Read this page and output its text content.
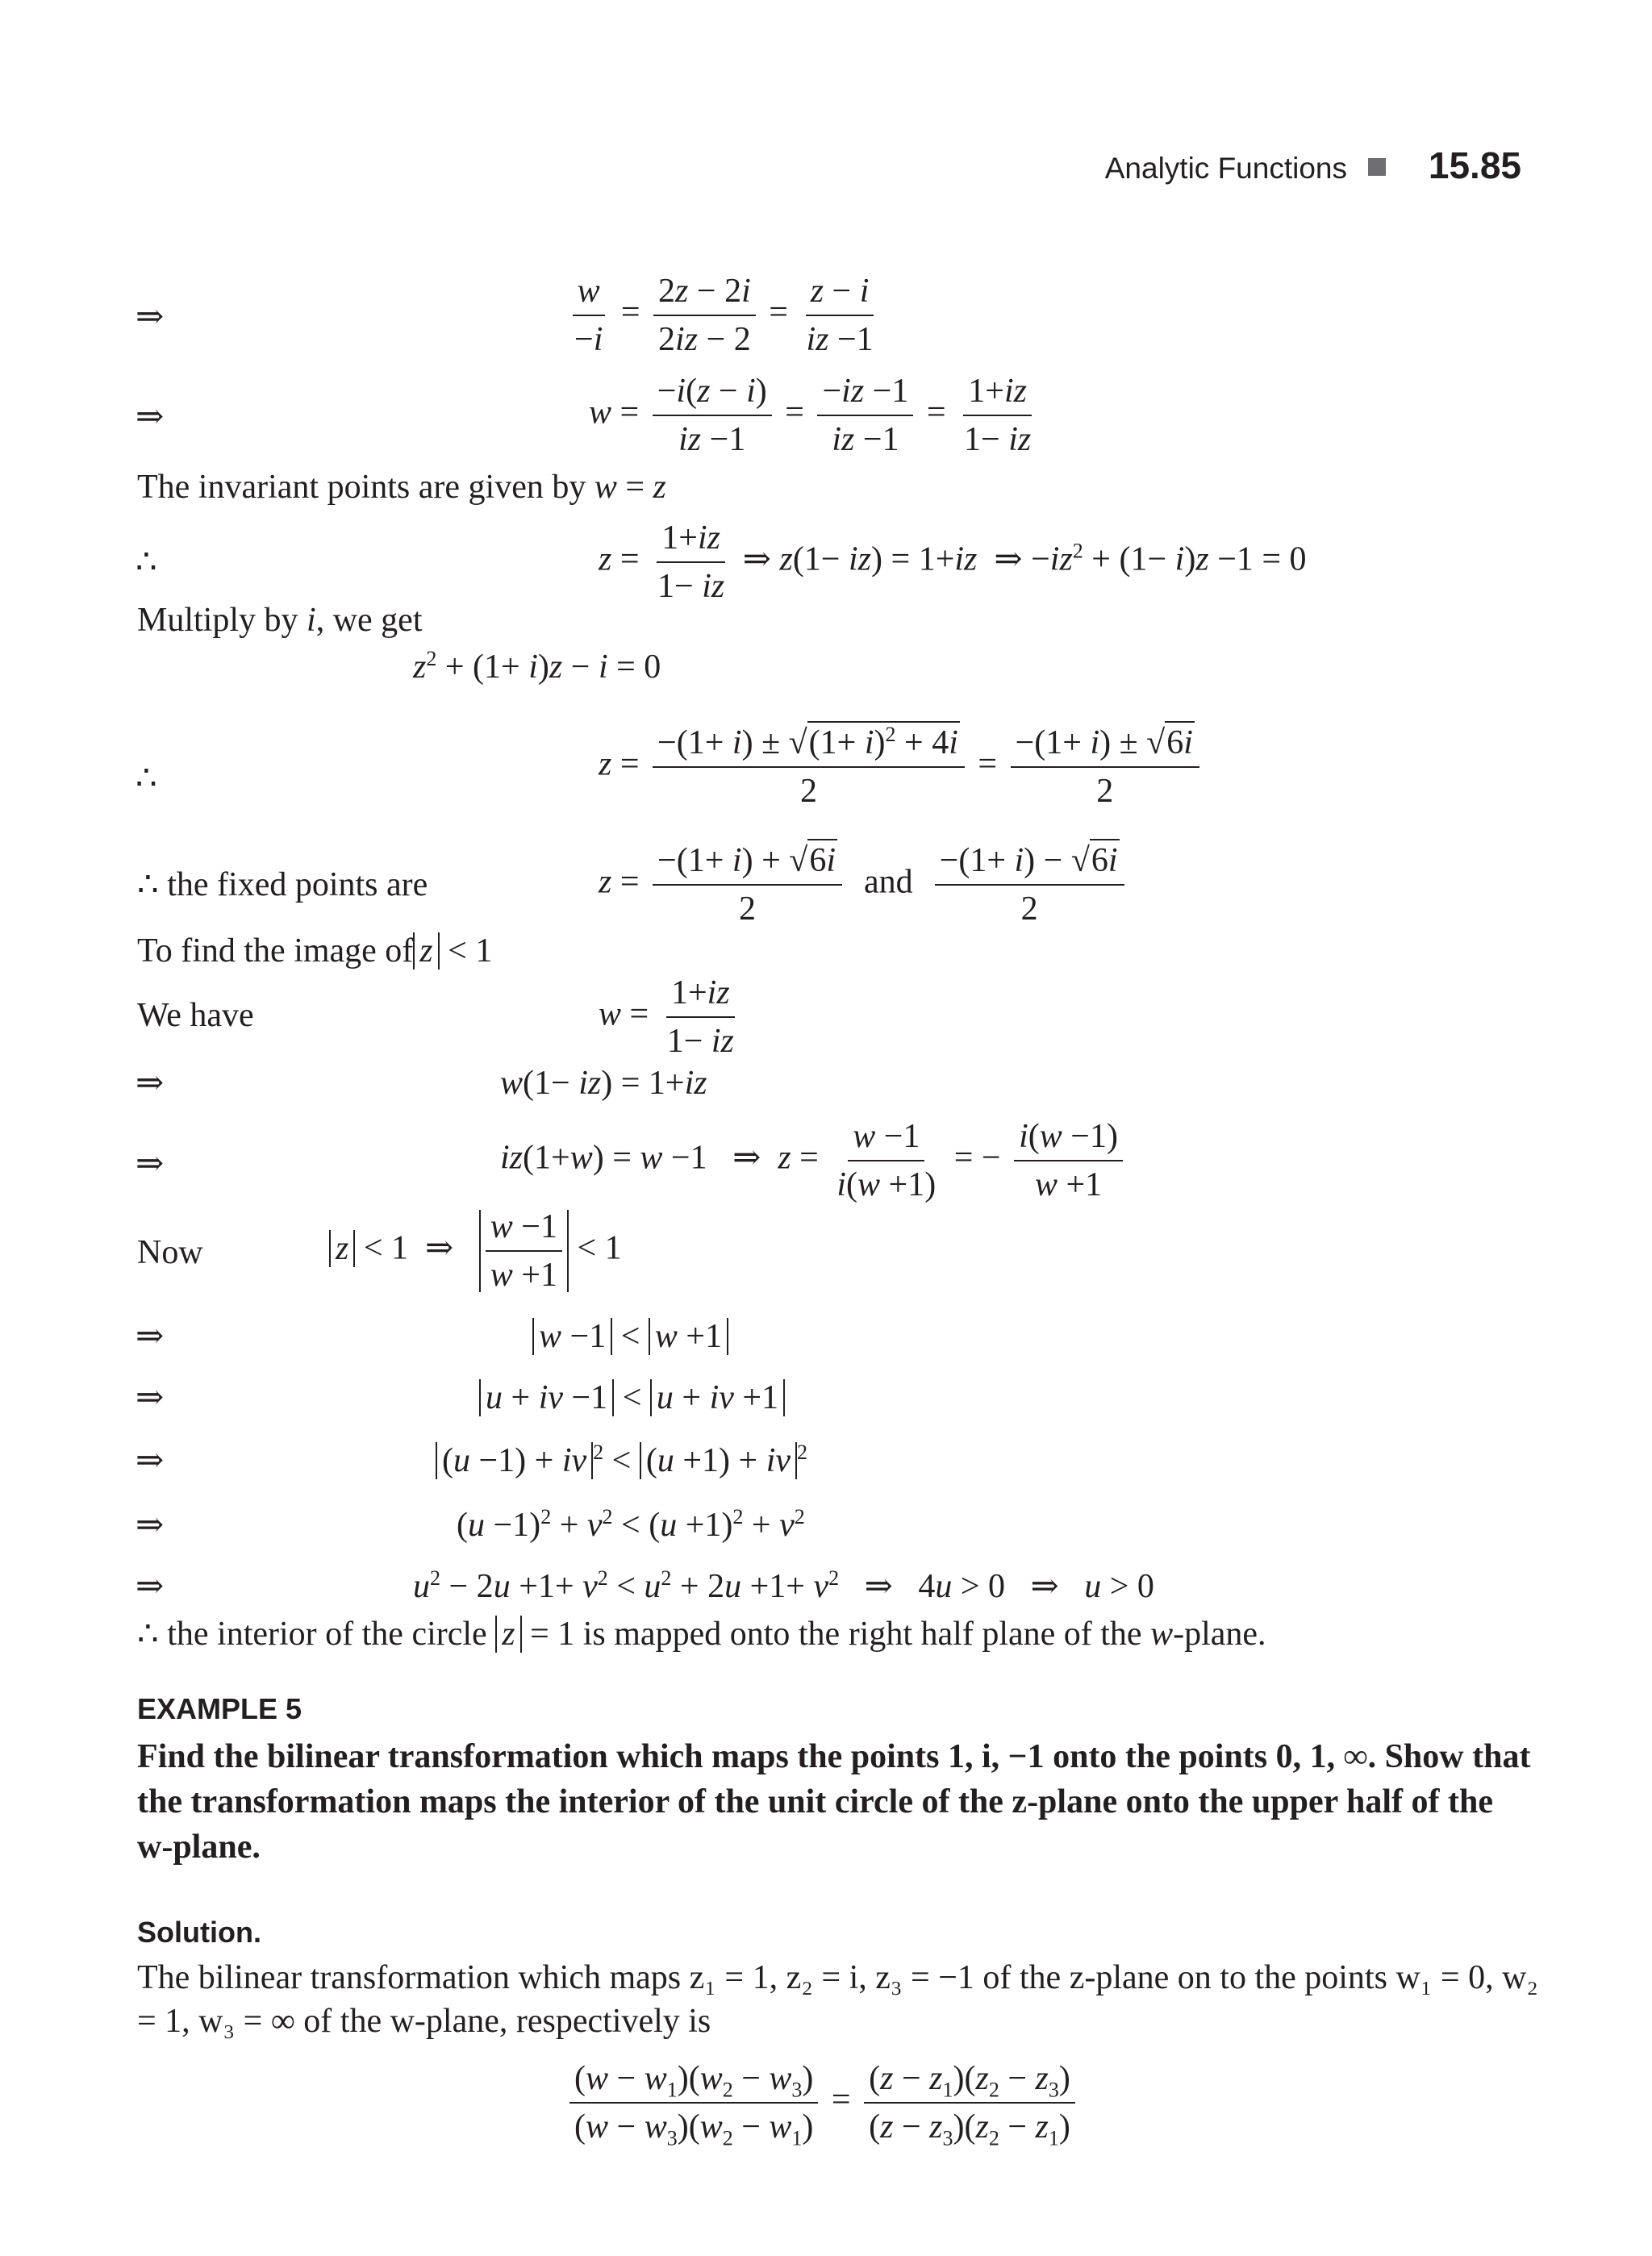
Analytic Functions 15.85
⇒	$\frac{w}{-i} = \frac{2z - 2i}{2iz - 2} = \frac{z - i}{iz -1}$
⇒	$w = \frac{-i(z - i)}{iz -1} = \frac{-iz -1}{iz -1} = \frac{1+iz}{1- iz}$
The invariant points are given by w = z
∴	$z = \frac{1+iz}{1- iz}$ ⇒ z(1− iz) = 1+iz  ⇒ $-iz^2 + (1- i)z -1 = 0$
Multiply by i, we get
$z^2 + (1+ i)z - i = 0$
∴	$z = \frac{-(1+ i) \pm √(1+ i)^2 + 4i}{2} = \frac{-(1+ i) \pm √6i}{2}$
∴ the fixed points are	$z = \frac{-(1+ i) + √6i}{2}$ and $\frac{-(1+ i) - √6i}{2}$
To find the image of z < 1
We have	$w = \frac{1+iz}{1- iz}$
⇒	w(1− iz) = 1+iz
⇒	iz(1+w) = w −1   ⇒  $z = \frac{w -1}{i(w +1)}$ = − $\frac{i(w -1)}{w +1}$
Now	z < 1  ⇒ $\frac{w -1}{w +1} < 1$
⇒	w −1 < w +1
⇒	u + iv −1 < u + iv +1
⇒	(u −1) + iv $^2$ < (u +1) + iv $^2$
⇒	$(u -1)^2 + v^2 < (u +1)^2 + v^2$
⇒	$u^2 - 2u +1+ v^2 < u^2 + 2u +1+ v^2$   ⇒   4u > 0   ⇒   u > 0
∴ the interior of the circle z = 1 is mapped onto the right half plane of the w-plane.
EXAMPLE 5
Find the bilinear transformation which maps the points 1, i, −1 onto the points 0, 1, ∞. Show that the transformation maps the interior of the unit circle of the z-plane onto the upper half of the w-plane.
Solution.
The bilinear transformation which maps z₁ = 1, z₂ = i, z₃ = −1 of the z-plane on to the points w₁ = 0, w₂ = 1, w₃ = ∞ of the w-plane, respectively is
$\frac{(w - w_1)(w_2 - w_3)}{(w - w_3)(w_2 - w_1)} = \frac{(z - z_1)(z_2 - z_3)}{(z - z_3)(z_2 - z_1)}$
